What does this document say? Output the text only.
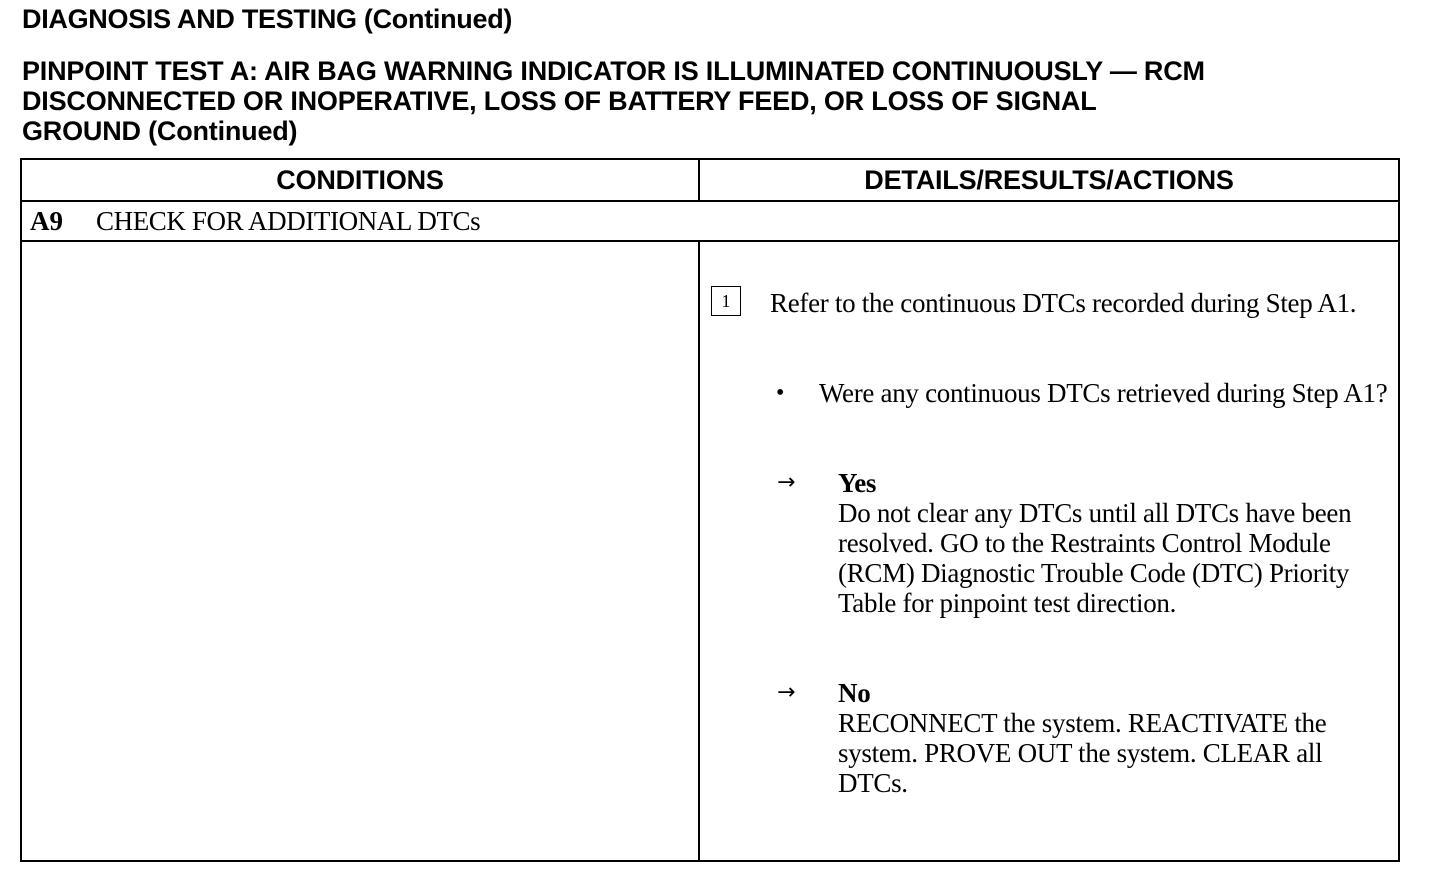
DIAGNOSIS AND TESTING (Continued)
PINPOINT TEST A: AIR BAG WARNING INDICATOR IS ILLUMINATED CONTINUOUSLY — RCM
DISCONNECTED OR INOPERATIVE, LOSS OF BATTERY FEED, OR LOSS OF SIGNAL
GROUND (Continued)
CONDITIONS	DETAILS/RESULTS/ACTIONS
A9 CHECK FOR ADDITIONAL DTCs
1	Refer to the continuous DTCs recorded during Step A1.
• Were any continuous DTCs retrieved during Step A1?
→ Yes
Do not clear any DTCs until all DTCs have been resolved. GO to the Restraints Control Module (RCM) Diagnostic Trouble Code (DTC) Priority Table for pinpoint test direction.
→ No
RECONNECT the system. REACTIVATE the system. PROVE OUT the system. CLEAR all DTCs.
